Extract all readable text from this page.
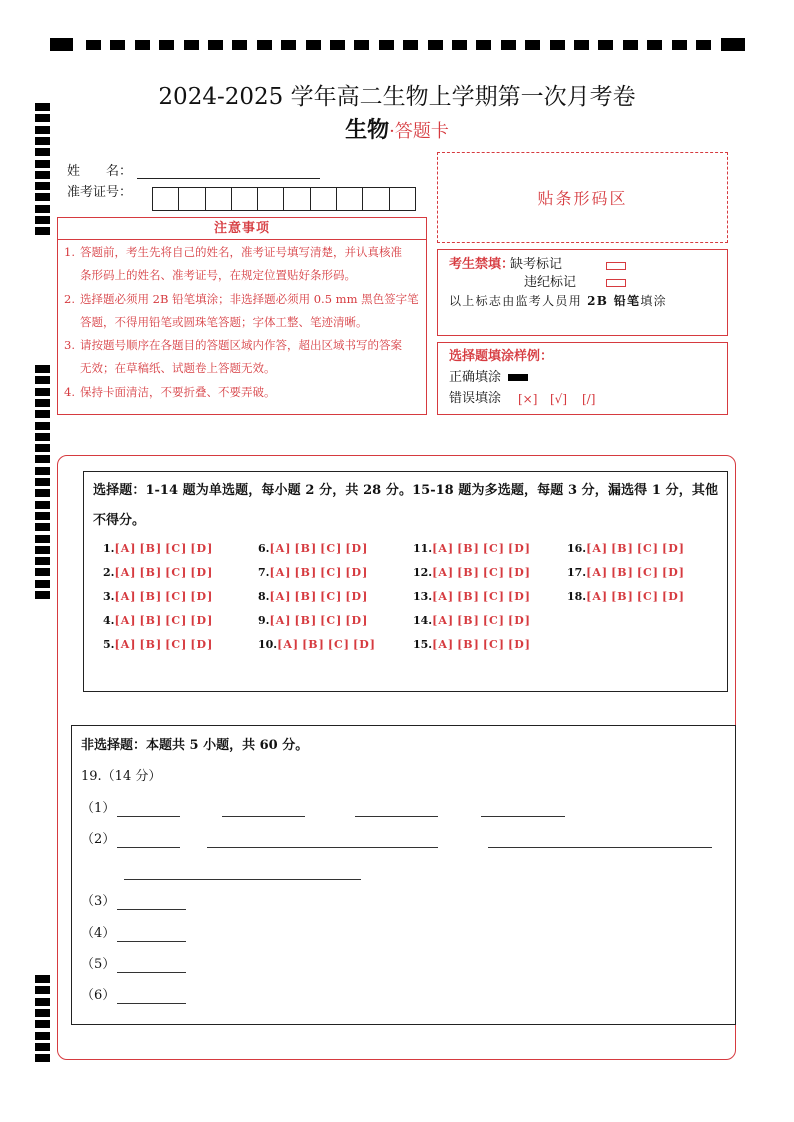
2024-2025 学年高二生物上学期第一次月考卷
生物·答题卡
姓　　名：
准考证号：
注意事项
1. 答题前，考生先将自己的姓名，准考证号填写清楚，并认真核准
条形码上的姓名、准考证号，在规定位置贴好条形码。
2. 选择题必须用 2B 铅笔填涂；非选择题必须用 0.5 mm 黑色签字笔
答题，不得用铅笔或圆珠笔答题；字体工整、笔迹清晰。
3. 请按题号顺序在各题目的答题区域内作答，超出区域书写的答案
无效；在草稿纸、试题卷上答题无效。
4. 保持卡面清洁，不要折叠、不要弄破。
贴条形码区
考生禁填：
缺考标记
违纪标记
以上标志由监考人员用 2B 铅笔填涂
选择题填涂样例：
正确填涂
错误填涂 [×] [√] [/]
选择题：1-14 题为单选题，每小题 2 分，共 28 分。15-18 题为多选题，每题 3 分，漏选得 1 分，其他不得分。
1.[A] [B] [C] [D]
2.[A] [B] [C] [D]
3.[A] [B] [C] [D]
4.[A] [B] [C] [D]
5.[A] [B] [C] [D]
6.[A] [B] [C] [D]
7.[A] [B] [C] [D]
8.[A] [B] [C] [D]
9.[A] [B] [C] [D]
10.[A] [B] [C] [D]
11.[A] [B] [C] [D]
12.[A] [B] [C] [D]
13.[A] [B] [C] [D]
14.[A] [B] [C] [D]
15.[A] [B] [C] [D]
16.[A] [B] [C] [D]
17.[A] [B] [C] [D]
18.[A] [B] [C] [D]
非选择题：本题共 5 小题，共 60 分。
19.（14 分）
（1）
（2）
（3）
（4）
（5）
（6）
